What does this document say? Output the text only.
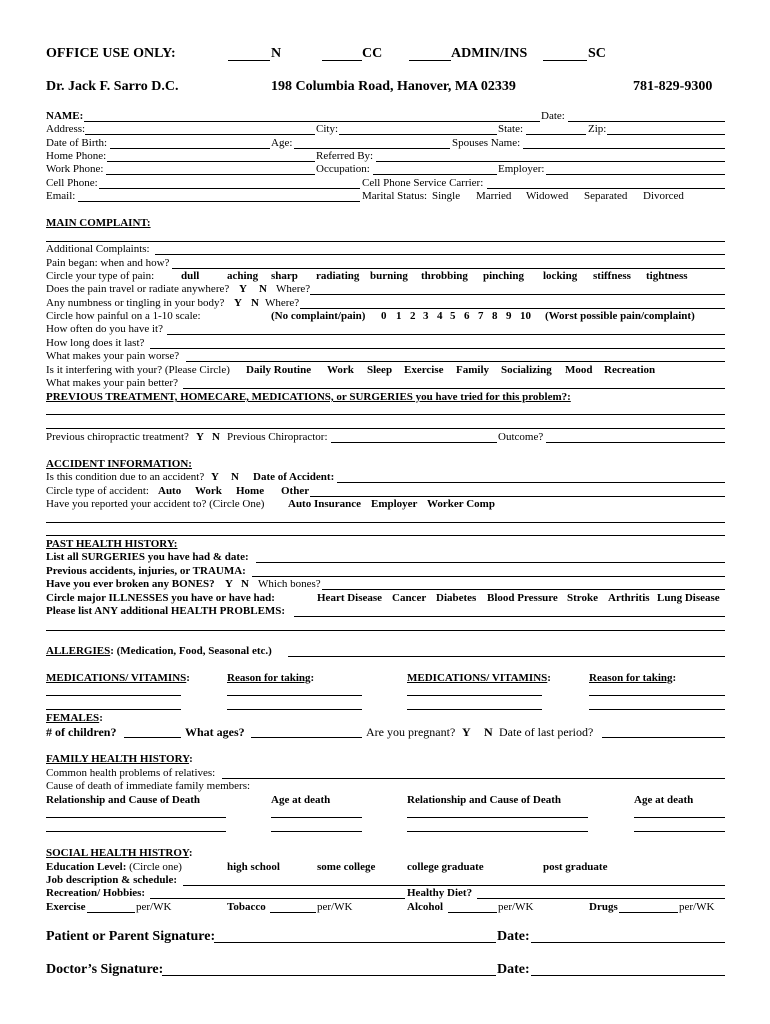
OFFICE USE ONLY:	N	CC	ADMIN/INS	SC
Dr. Jack F. Sarro D.C.	198 Columbia Road, Hanover, MA 02339	781-829-9300
NAME:	Date:
Address:	City:	State:	Zip:
Date of Birth:	Age:	Spouses Name:
Home Phone:	Referred By:
Work Phone:	Occupation:	Employer:
Cell Phone:	Cell Phone Service Carrier:
Email:	Marital Status: Single Married Widowed Separated Divorced
MAIN COMPLAINT:
Additional Complaints:
Pain began: when and how?
Circle your type of pain: dull	aching sharp radiating burning throbbing pinching locking stiffness tightness
Does the pain travel or radiate anywhere? Y N Where?
Any numbness or tingling in your body? Y N Where?
Circle how painful on a 1-10 scale:	(No complaint/pain) 0 1 2 3 4 5 6 7 8 9 10 (Worst possible pain/complaint)
How often do you have it?
How long does it last?
What makes your pain worse?
Is it interfering with your? (Please Circle) Daily Routine Work Sleep Exercise Family Socializing Mood Recreation
What makes your pain better?
PREVIOUS TREATMENT, HOMECARE, MEDICATIONS, or SURGERIES you have tried for this problem?:
Previous chiropractic treatment? Y N Previous Chiropractor:	Outcome?
ACCIDENT INFORMATION:
Is this condition due to an accident? Y N Date of Accident:
Circle type of accident: Auto Work Home Other
Have you reported your accident to? (Circle One) Auto Insurance Employer Worker Comp
PAST HEALTH HISTORY:
List all SURGERIES you have had & date:
Previous accidents, injuries, or TRAUMA:
Have you ever broken any BONES? Y N Which bones?
Circle major ILLNESSES you have or have had:	Heart Disease Cancer Diabetes Blood Pressure Stroke Arthritis Lung Disease
Please list ANY additional HEALTH PROBLEMS:
ALLERGIES: (Medication, Food, Seasonal etc.)
MEDICATIONS/ VITAMINS:	Reason for taking:	MEDICATIONS/ VITAMINS:	Reason for taking:
FEMALES:
# of children?	What ages?	Are you pregnant? Y N Date of last period?
FAMILY HEALTH HISTORY:
Common health problems of relatives:
Cause of death of immediate family members:
Relationship and Cause of Death	Age at death	Relationship and Cause of Death	Age at death
SOCIAL HEALTH HISTROY:
Education Level: (Circle one)	high school	some college	college graduate	post graduate
Job description & schedule:
Recreation/ Hobbies:	Healthy Diet?
Exercise	per/WK	Tobacco	per/WK	Alcohol	per/WK	Drugs	per/WK
Patient or Parent Signature:	Date:
Doctor’s Signature:	Date:
